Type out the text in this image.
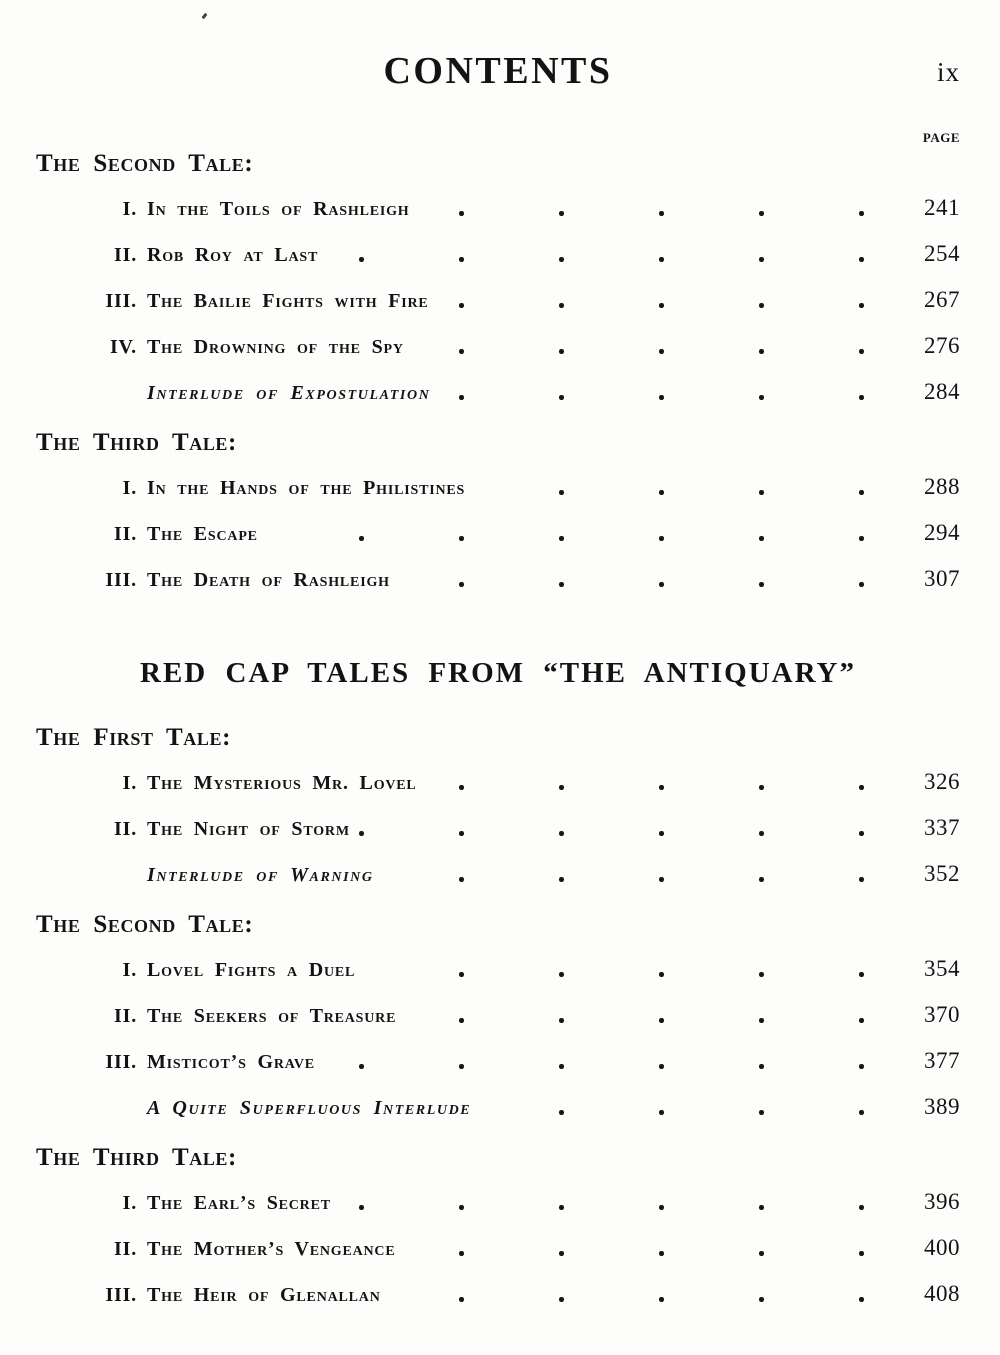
CONTENTS	ix
PAGE
The Second Tale:
I. In the Toils of Rashleigh	241
II. Rob Roy at Last	254
III. The Bailie Fights with Fire	267
IV. The Drowning of the Spy	276
Interlude of Expostulation	284
The Third Tale:
I. In the Hands of the Philistines	288
II. The Escape	294
III. The Death of Rashleigh	307
RED CAP TALES FROM “THE ANTIQUARY”
The First Tale:
I. The Mysterious Mr. Lovel	326
II. The Night of Storm	337
Interlude of Warning	352
The Second Tale:
I. Lovel Fights a Duel	354
II. The Seekers of Treasure	370
III. Misticot’s Grave	377
A Quite Superfluous Interlude	389
The Third Tale:
I. The Earl’s Secret	396
II. The Mother’s Vengeance	400
III. The Heir of Glenallan	408
